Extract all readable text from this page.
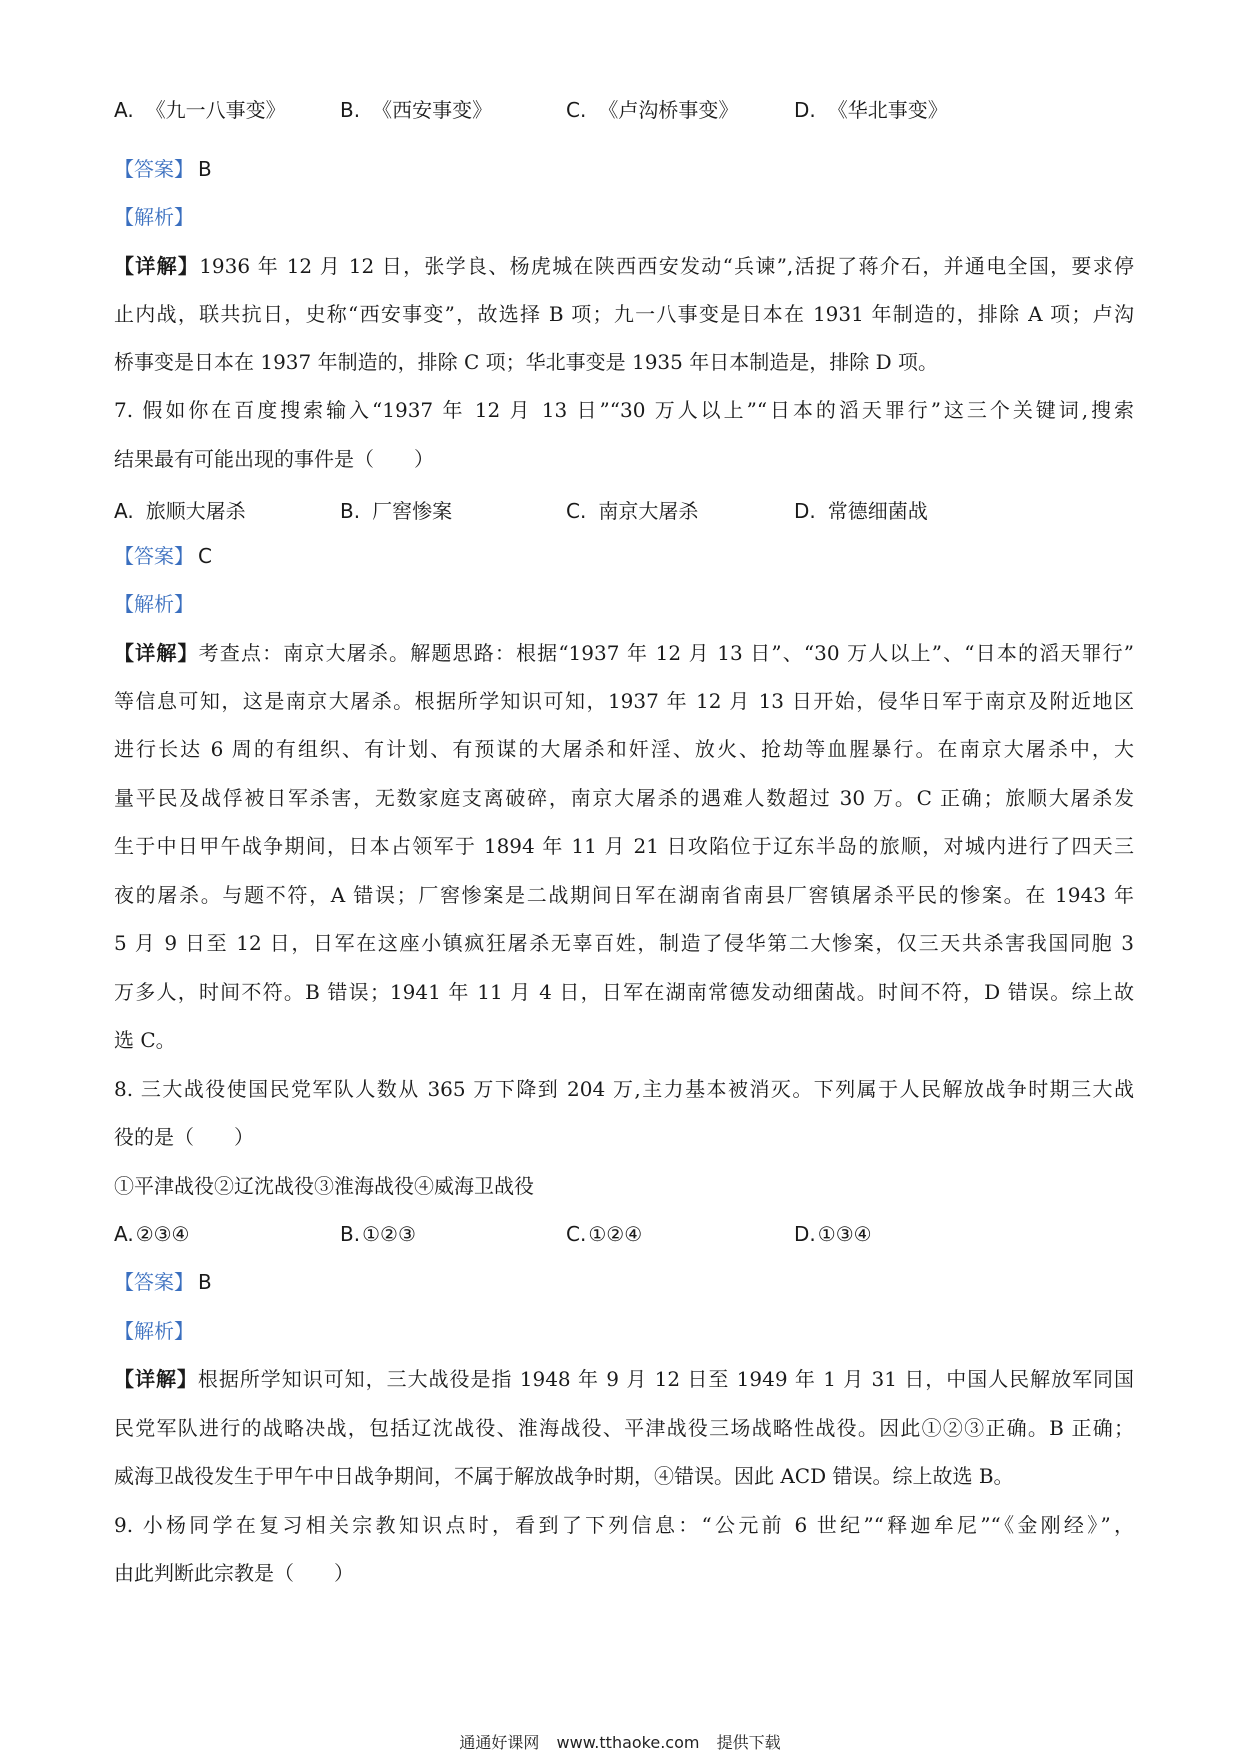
A. 《九一八事变》	B. 《西安事变》	C. 《卢沟桥事变》	D. 《华北事变》
【答案】 B
【解析】
【详解】1936 年 12 月 12 日，张学良、杨虎城在陕西西安发动“兵谏”,活捉了蒋介石，并通电全国，要求停
止内战，联共抗日，史称“西安事变”，故选择 B 项；九一八事变是日本在 1931 年制造的，排除 A 项；卢沟
桥事变是日本在 1937 年制造的，排除 C 项；华北事变是 1935 年日本制造是，排除 D 项。
7. 假如你在百度搜索输入“1937 年 12 月 13 日”“30 万人以上”“日本的滔天罪行”这三个关键词,搜索
结果最有可能出现的事件是（　　）
A. 旅顺大屠杀	B. 厂窖惨案	C. 南京大屠杀	D. 常德细菌战
【答案】 C
【解析】
【详解】考查点：南京大屠杀。解题思路：根据“1937 年 12 月 13 日”、“30 万人以上”、“日本的滔天罪行”
等信息可知，这是南京大屠杀。根据所学知识可知，1937 年 12 月 13 日开始，侵华日军于南京及附近地区
进行长达 6 周的有组织、有计划、有预谋的大屠杀和奸淫、放火、抢劫等血腥暴行。在南京大屠杀中，大
量平民及战俘被日军杀害，无数家庭支离破碎，南京大屠杀的遇难人数超过 30 万。C 正确；旅顺大屠杀发
生于中日甲午战争期间，日本占领军于 1894 年 11 月 21 日攻陷位于辽东半岛的旅顺，对城内进行了四天三
夜的屠杀。与题不符，A 错误；厂窖惨案是二战期间日军在湖南省南县厂窖镇屠杀平民的惨案。在 1943 年
5 月 9 日至 12 日，日军在这座小镇疯狂屠杀无辜百姓，制造了侵华第二大惨案，仅三天共杀害我国同胞 3
万多人，时间不符。B 错误；1941 年 11 月 4 日，日军在湖南常德发动细菌战。时间不符，D 错误。综上故
选 C。
8. 三大战役使国民党军队人数从 365 万下降到 204 万,主力基本被消灭。下列属于人民解放战争时期三大战
役的是（　　）
①平津战役②辽沈战役③淮海战役④威海卫战役
A. ②③④	B. ①②③	C. ①②④	D. ①③④
【答案】 B
【解析】
【详解】根据所学知识可知，三大战役是指 1948 年 9 月 12 日至 1949 年 1 月 31 日，中国人民解放军同国
民党军队进行的战略决战，包括辽沈战役、淮海战役、平津战役三场战略性战役。因此①②③正确。B 正确；
威海卫战役发生于甲午中日战争期间，不属于解放战争时期，④错误。因此 ACD 错误。综上故选 B。
9. 小杨同学在复习相关宗教知识点时，看到了下列信息：“公元前 6 世纪”“释迦牟尼”“《金刚经》”，
由此判断此宗教是（　　）
通通好课网 www.tthaoke.com 提供下载
